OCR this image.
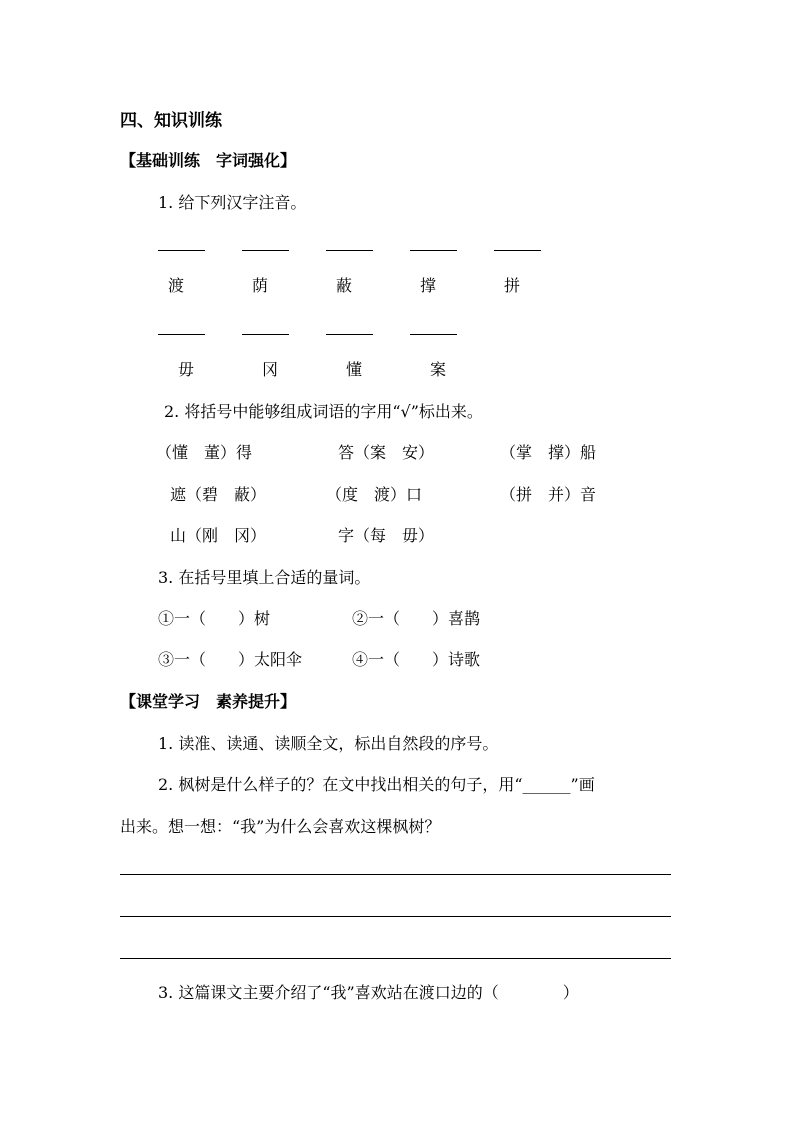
四、知识训练
【基础训练　字词强化】
1. 给下列汉字注音。
渡	荫	蔽	撑	拼
毋	冈	懂	案
2. 将括号中能够组成词语的字用“√”标出来。
（懂　董）得	答（案　安）	（掌　撑）船
遮（碧　蔽）	（度　渡）口	（拼　并）音
山（刚　冈）	字（每　毋）
3. 在括号里填上合适的量词。
①一（　　）树	②一（　　）喜鹊
③一（　　）太阳伞	④一（　　）诗歌
【课堂学习　素养提升】
1. 读准、读通、读顺全文，标出自然段的序号。
2. 枫树是什么样子的？在文中找出相关的句子，用“______”画
出来。想一想：“我”为什么会喜欢这棵枫树？
3. 这篇课文主要介绍了“我”喜欢站在渡口边的（　　　　）
